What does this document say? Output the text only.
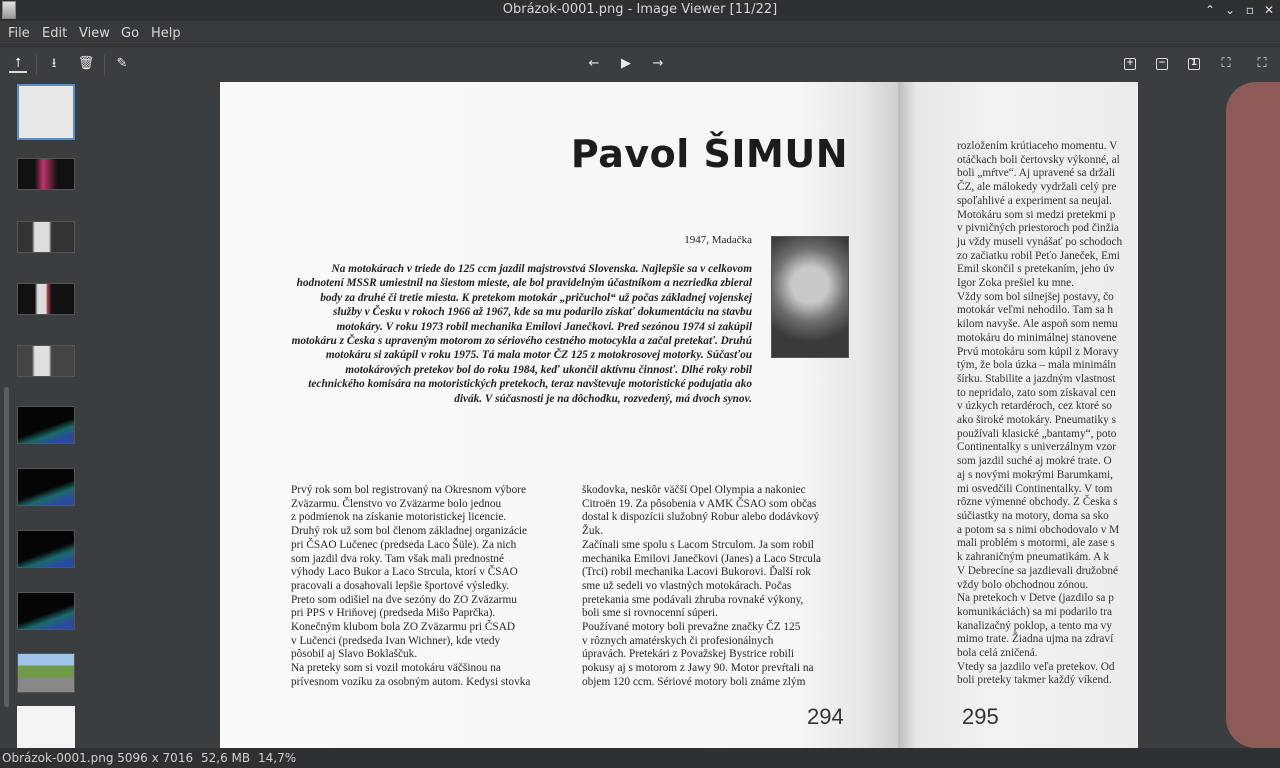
Obrázok-0001.png - Image Viewer [11/22]	⌃ ⌄ ▫ ✕
File Edit View Go Help
⭡	⭳	🗑 ✎	←	▶	→	+	−	1	⛶	⛶
Pavol ŠIMUN
1947, Madačka
Na motokárach v triede do 125 ccm jazdil majstrovstvá Slovenska. Najlepšie sa v celkovom hodnotení MSSR umiestnil na šiestom mieste, ale bol pravidelným účastníkom a nezriedka zbieral body za druhé či tretie miesta. K pretekom motokár „pričuchol“ už počas základnej vojenskej služby v Česku v rokoch 1966 až 1967, kde sa mu podarilo získať dokumentáciu na stavbu motokáry. V roku 1973 robil mechanika Emilovi Janečkovi. Pred sezónou 1974 si zakúpil motokáru z Česka s upraveným motorom zo sériového cestného motocykla a začal pretekať. Druhú motokáru si zakúpil v roku 1975. Tá mala motor ČZ 125 z motokrosovej motorky. Súčasťou motokárových pretekov bol do roku 1984, keď ukončil aktívnu činnosť. Dlhé roky robil technického komisára na motoristických pretekoch, teraz navštevuje motoristické podujatia ako divák. V súčasnosti je na dôchodku, rozvedený, má dvoch synov.
Prvý rok som bol registrovaný na Okresnom výbore
Zväzarmu. Členstvo vo Zväzarme bolo jednou
z podmienok na získanie motoristickej licencie.
Druhý rok už som bol členom základnej organizácie
pri ČSAO Lučenec (predseda Laco Šüle). Za nich
som jazdil dva roky. Tam však mali prednostné
výhody Laco Bukor a Laco Strcula, ktorí v ČSAO
pracovali a dosahovali lepšie športové výsledky.
Preto som odišiel na dve sezóny do ZO Zväzarmu
pri PPS v Hriňovej (predseda Mišo Paprčka).
Konečným klubom bola ZO Zväzarmu pri ČSAD
v Lučenci (predseda Ivan Wichner), kde vtedy
pôsobil aj Slavo Boklaščuk.
Na preteky som si vozil motokáru väčšinou na
prívesnom vozíku za osobným autom. Kedysi stovka
škodovka, neskôr väčší Opel Olympia a nakoniec
Citroën 19. Za pôsobenia v AMK ČSAO som občas
dostal k dispozícii služobný Robur alebo dodávkový
Žuk.
Začínali sme spolu s Lacom Strculom. Ja som robil
mechanika Emilovi Janečkovi (Janes) a Laco Strcula
(Trci) robil mechanika Lacovi Bukorovi. Ďalší rok
sme už sedeli vo vlastných motokárach. Počas
pretekania sme podávali zhruba rovnaké výkony,
boli sme si rovnocenní súperi.
Používané motory boli prevažne značky ČZ 125
v rôznych amatérskych či profesionálnych
úpravách. Pretekári z Považskej Bystrice robili
pokusy aj s motorom z Jawy 90. Motor prevŕtali na
objem 120 ccm. Sériové motory boli známe zlým
294
rozložením krútiaceho momentu. V
otáčkach boli čertovsky výkonné, al
boli „mŕtve“. Aj upravené sa držali
ČZ, ale málokedy vydržali celý pre
spoľahlivé a experiment sa neujal.
Motokáru som si medzi pretekmi p
v pivničných priestoroch pod činžia
ju vždy museli vynášať po schodoch
zo začiatku robil Peťo Janeček, Emi
Emil skončil s pretekaním, jeho úv
Igor Zoka prešiel ku mne.
Vždy som bol silnejšej postavy, čo
motokár veľmi nehodilo. Tam sa h
kilom navyše. Ale aspoň som nemu
motokáru do minimálnej stanovene
Prvú motokáru som kúpil z Moravy
tým, že bola úzka – mala minimáln
šírku. Stabilite a jazdným vlastnost
to nepridalo, zato som získaval cen
v úzkych retardéroch, cez ktoré so
ako široké motokáry. Pneumatiky s
používali klasické „bantamy“, poto
Continentalky s univerzálnym vzor
som jazdil suché aj mokré trate. O
aj s novými mokrými Barumkami,
mi osvedčili Continentalky. V tom
rôzne výmenné obchody. Z Česka s
súčiastky na motory, doma sa sko
a potom sa s nimi obchodovalo v M
mali problém s motormi, ale zase s
k zahraničným pneumatikám. A k
V Debrecíne sa jazdievali družobné
vždy bolo obchodnou zónou.
Na pretekoch v Detve (jazdilo sa p
komunikáciách) sa mi podarilo tra
kanalizačný poklop, a tento ma vy
mimo trate. Žiadna ujma na zdraví
bola celá zničená.
Vtedy sa jazdilo veľa pretekov. Od
boli preteky takmer každý víkend.
295
Obrázok-0001.png 5096 x 7016 52,6 MB 14,7%
